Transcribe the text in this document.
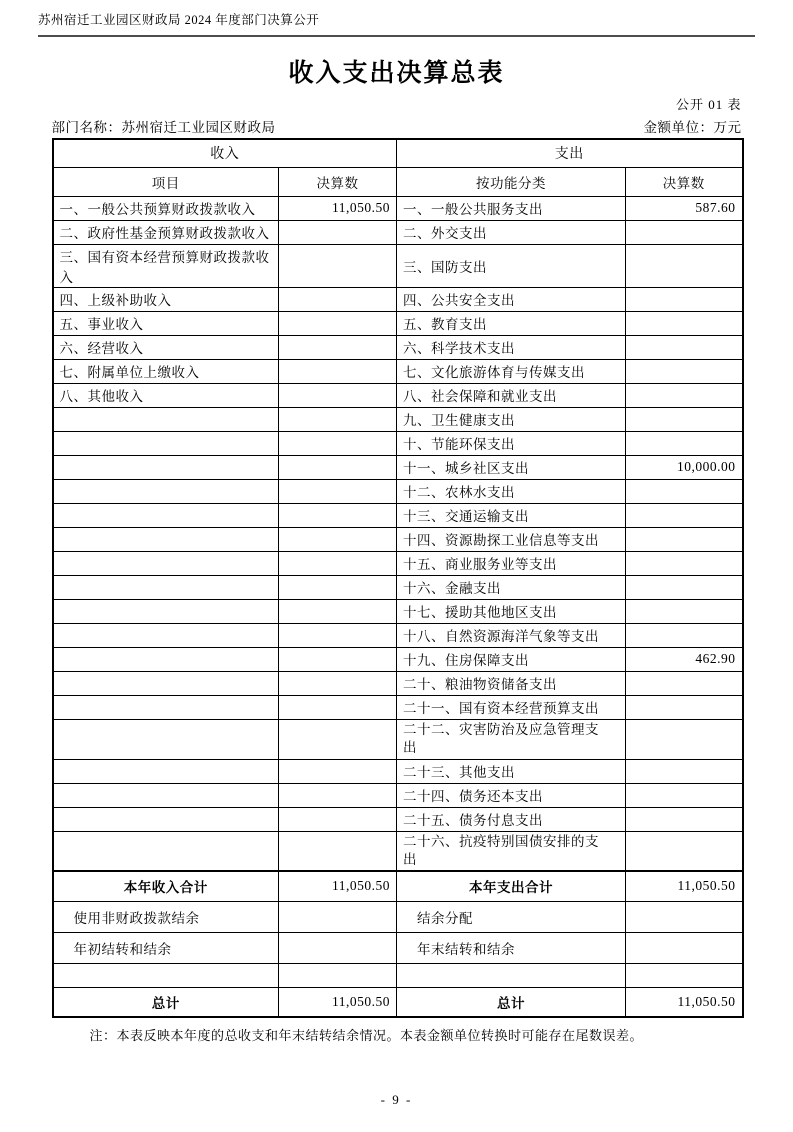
苏州宿迁工业园区财政局 2024 年度部门决算公开
收入支出决算总表
公开 01 表
部门名称：苏州宿迁工业园区财政局	金额单位：万元
收入		支出	
项目	决算数	按功能分类	决算数
一、一般公共预算财政拨款收入	11,050.50	一、一般公共服务支出	587.60
二、政府性基金预算财政拨款收入		二、外交支出	
三、国有资本经营预算财政拨款收入		三、国防支出	
四、上级补助收入		四、公共安全支出	
五、事业收入		五、教育支出	
六、经营收入		六、科学技术支出	
七、附属单位上缴收入		七、文化旅游体育与传媒支出	
八、其他收入		八、社会保障和就业支出	
		九、卫生健康支出	
		十、节能环保支出	
		十一、城乡社区支出	10,000.00
		十二、农林水支出	
		十三、交通运输支出	
		十四、资源勘探工业信息等支出	
		十五、商业服务业等支出	
		十六、金融支出	
		十七、援助其他地区支出	
		十八、自然资源海洋气象等支出	
		十九、住房保障支出	462.90
		二十、粮油物资储备支出	
		二十一、国有资本经营预算支出	

		二十二、灾害防治及应急管理支出	

		二十三、其他支出	
		二十四、债务还本支出	
		二十五、债务付息支出	

		二十六、抗疫特别国债安排的支出	

本年收入合计	11,050.50	本年支出合计	11,050.50
使用非财政拨款结余		结余分配	
年初结转和结余		年末结转和结余	

总计	11,050.50	总计	11,050.50
注：本表反映本年度的总收支和年末结转结余情况。本表金额单位转换时可能存在尾数误差。
- 9 -
